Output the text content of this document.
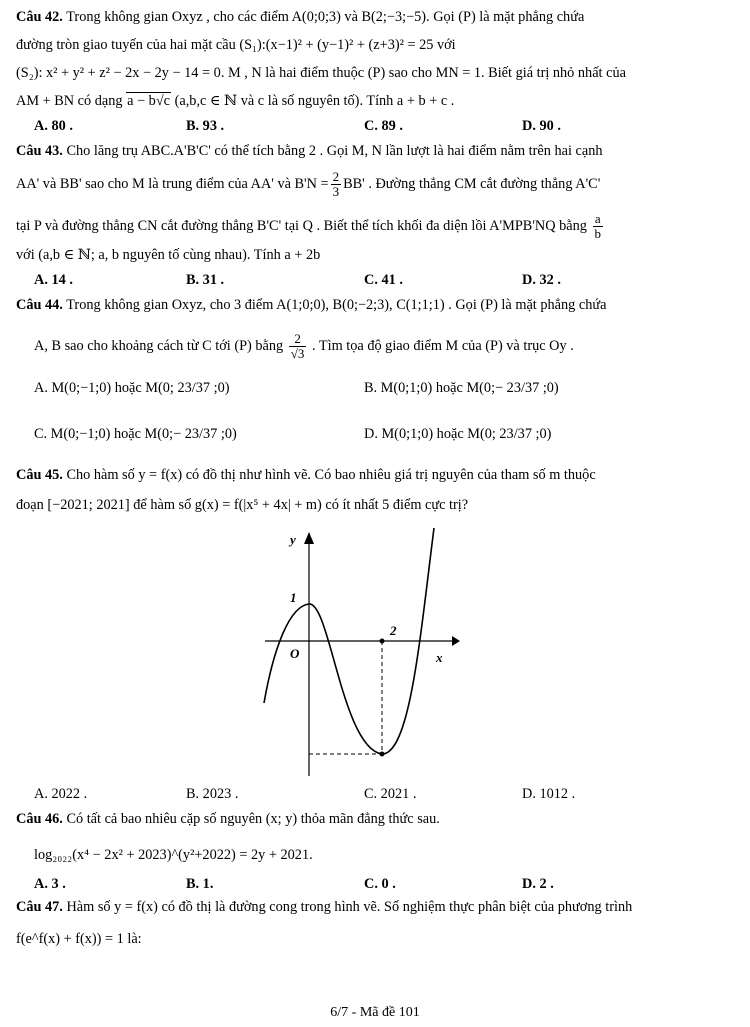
Câu 42. Trong không gian Oxyz , cho các điểm A(0;0;3) và B(2;−3;−5). Gọi (P) là mặt phẳng chứa
đường tròn giao tuyến của hai mặt cầu (S₁):(x−1)² + (y−1)² + (z+3)² = 25 với
(S₂): x² + y² + z² − 2x − 2y − 14 = 0. M , N là hai điểm thuộc (P) sao cho MN = 1. Biết giá trị nhỏ nhất của
AM + BN có dạng a − b√c (a,b,c ∈ ℕ và c là số nguyên tố). Tính a + b + c .
A. 80 .	B. 93 .	C. 89 .	D. 90 .
Câu 43. Cho lăng trụ ABC.A'B'C' có thể tích bằng 2 . Gọi M, N lần lượt là hai điểm nằm trên hai cạnh
AA' và BB' sao cho M là trung điểm của AA' và $B'N = \frac{2}{3} BB'$ . Đường thẳng CM cắt đường thẳng A'C'
tại P và đường thẳng CN cắt đường thẳng B'C' tại Q . Biết thể tích khối đa diện lồi A'MPB'NQ bằng $\frac{a}{b}$
với (a,b ∈ ℕ; a, b nguyên tố cùng nhau). Tính a + 2b
A. 14 .	B. 31 .	C. 41 .	D. 32 .
Câu 44. Trong không gian Oxyz, cho 3 điểm A(1;0;0), B(0;−2;3), C(1;1;1) . Gọi (P) là mặt phẳng chứa
A, B sao cho khoảng cách từ C tới (P) bằng $\frac{2}{√3}$ . Tìm tọa độ giao điểm M của (P) và trục Oy .
A. M(0;−1;0) hoặc M(0; 23/37 ;0)	B. M(0;1;0) hoặc M(0;− 23/37 ;0)
C. M(0;−1;0) hoặc M(0;− 23/37 ;0)	D. M(0;1;0) hoặc M(0; 23/37 ;0)
Câu 45. Cho hàm số y = f(x) có đồ thị như hình vẽ. Có bao nhiêu giá trị nguyên của tham số m thuộc
đoạn [−2021; 2021] để hàm số g(x) = f(|x⁵ + 4x| + m) có ít nhất 5 điểm cực trị?
y
x
O
1
2
A. 2022 .	B. 2023 .	C. 2021 .	D. 1012 .
Câu 46. Có tất cả bao nhiêu cặp số nguyên (x; y) thỏa mãn đẳng thức sau.
log₂₀₂₂(x⁴ − 2x² + 2023)^(y²+2022) = 2y + 2021.
A. 3 .	B. 1.	C. 0 .	D. 2 .
Câu 47. Hàm số y = f(x) có đồ thị là đường cong trong hình vẽ. Số nghiệm thực phân biệt của phương trình
f(e^f(x) + f(x)) = 1 là:
6/7 - Mã đề 101
